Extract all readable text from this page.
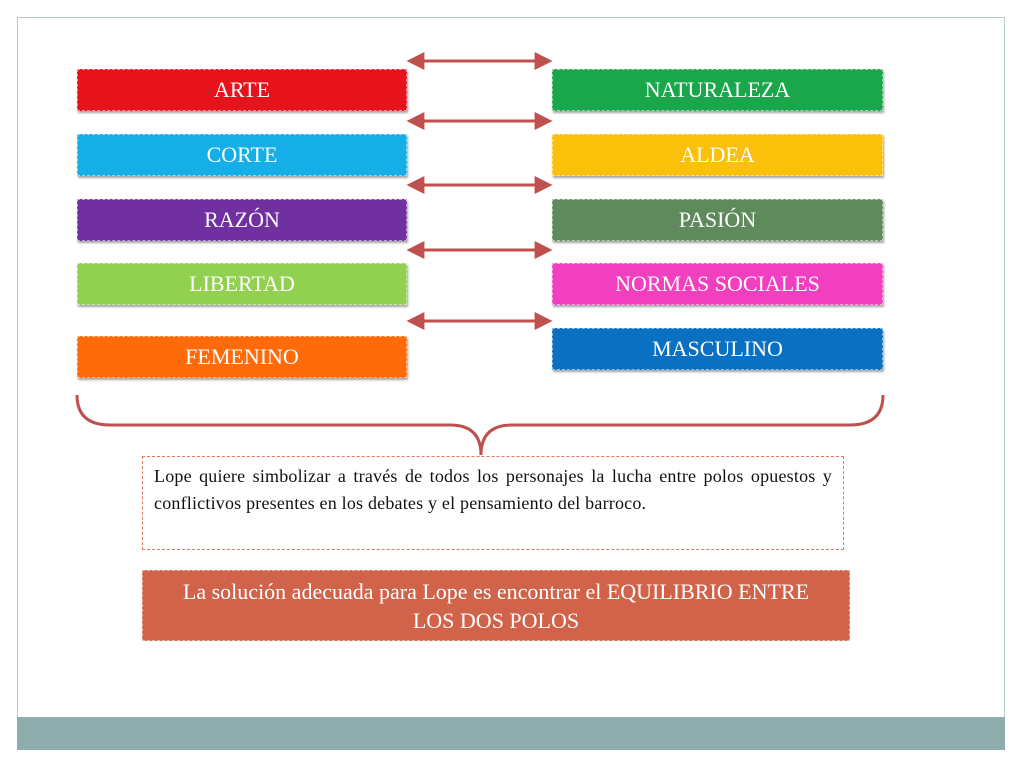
ARTE	NATURALEZA
CORTE	ALDEA
RAZÓN	PASIÓN
LIBERTAD	NORMAS SOCIALES
FEMENINO	MASCULINO
Lope quiere simbolizar a través de todos los personajes la lucha entre polos opuestos y conflictivos presentes en los debates y el pensamiento del barroco.
La solución adecuada para Lope es encontrar el EQUILIBRIO ENTRE LOS DOS POLOS
